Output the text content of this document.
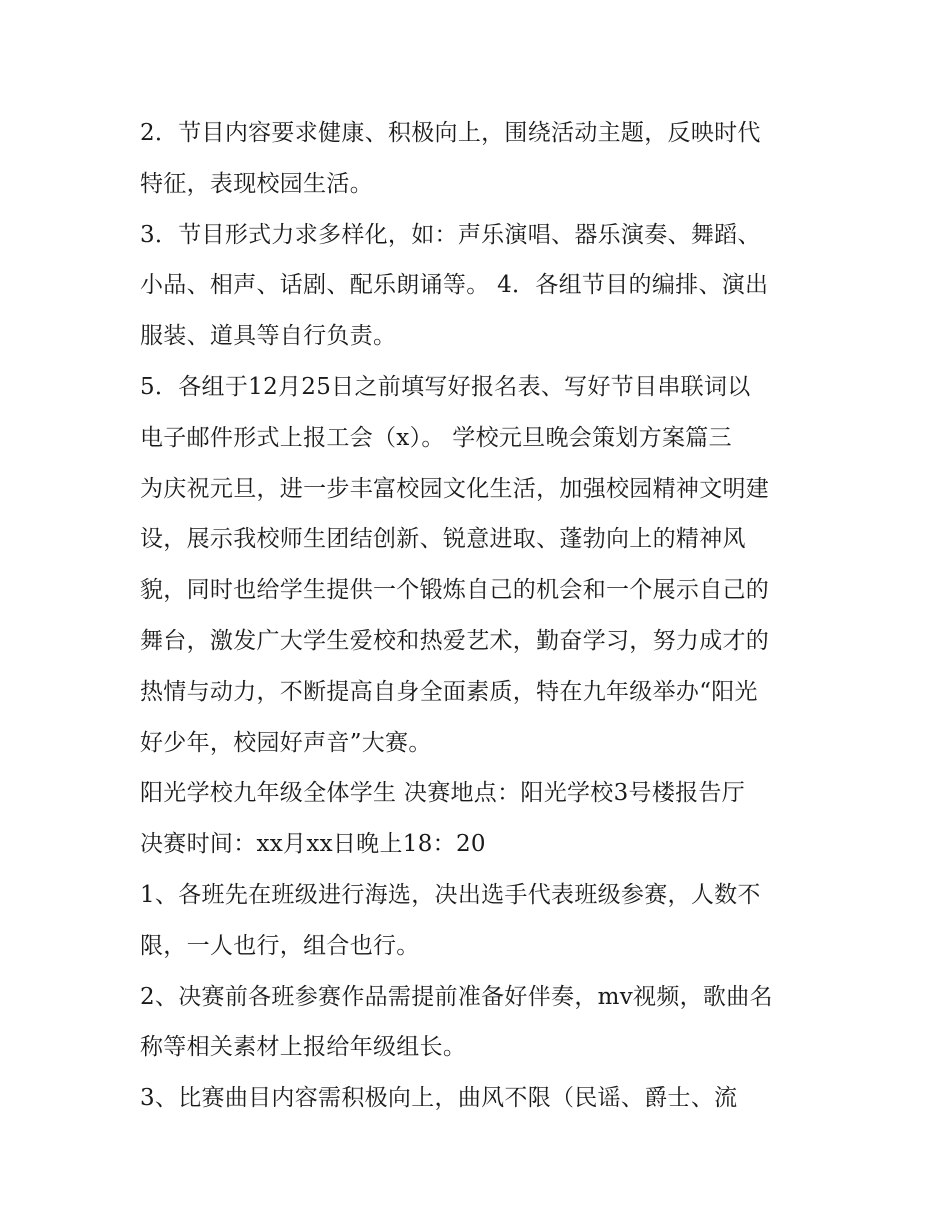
2．节目内容要求健康、积极向上，围绕活动主题，反映时代
特征，表现校园生活。
3．节目形式力求多样化，如：声乐演唱、器乐演奏、舞蹈、
小品、相声、话剧、配乐朗诵等。 4．各组节目的编排、演出
服装、道具等自行负责。
5．各组于12月25日之前填写好报名表、写好节目串联词以
电子邮件形式上报工会（x）。 学校元旦晚会策划方案篇三
为庆祝元旦，进一步丰富校园文化生活，加强校园精神文明建
设，展示我校师生团结创新、锐意进取、蓬勃向上的精神风
貌，同时也给学生提供一个锻炼自己的机会和一个展示自己的
舞台，激发广大学生爱校和热爱艺术，勤奋学习，努力成才的
热情与动力，不断提高自身全面素质，特在九年级举办“阳光
好少年，校园好声音”大赛。
阳光学校九年级全体学生 决赛地点：阳光学校3号楼报告厅
决赛时间：xx月xx日晚上18：20
1、各班先在班级进行海选，决出选手代表班级参赛，人数不
限，一人也行，组合也行。
2、决赛前各班参赛作品需提前准备好伴奏，mv视频，歌曲名
称等相关素材上报给年级组长。
3、比赛曲目内容需积极向上，曲风不限（民谣、爵士、流
